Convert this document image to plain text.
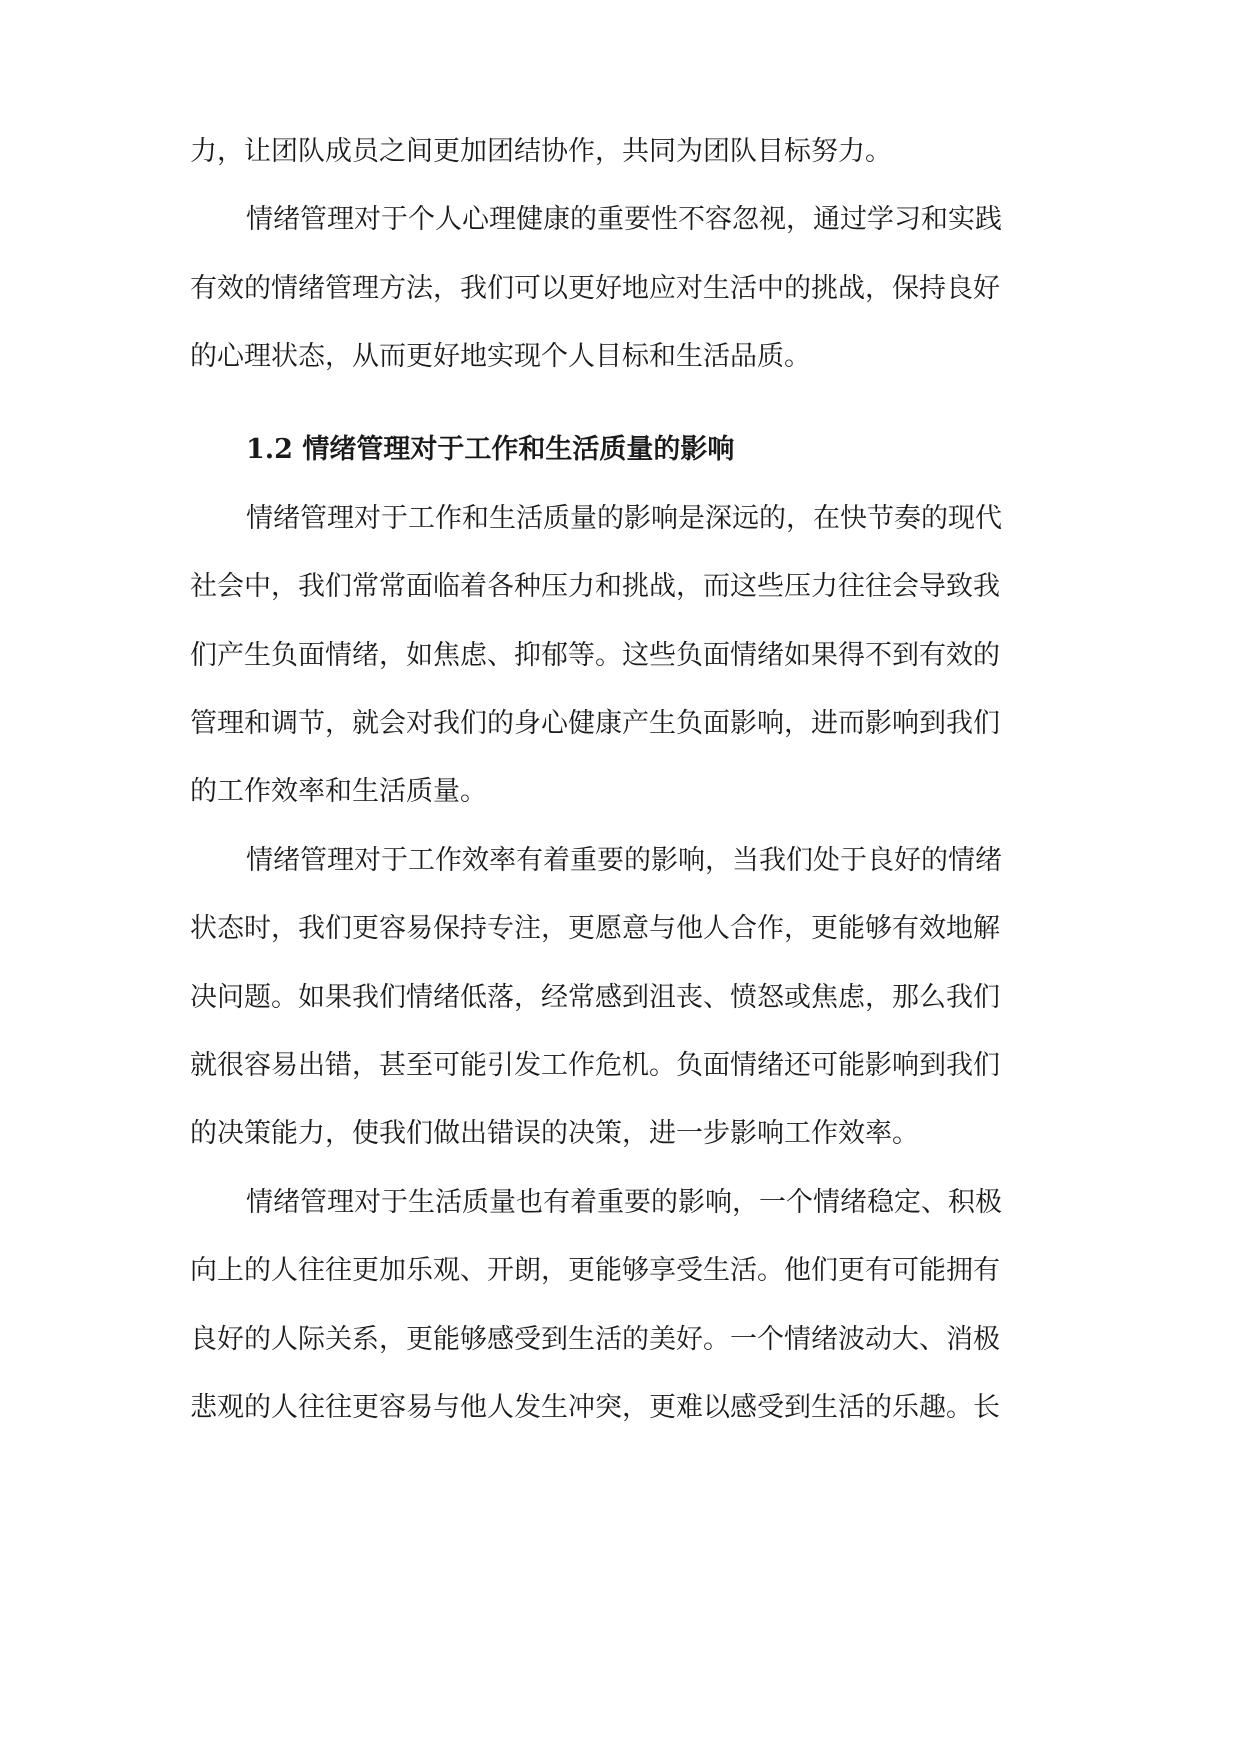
力，让团队成员之间更加团结协作，共同为团队目标努力。
情绪管理对于个人心理健康的重要性不容忽视，通过学习和实践
有效的情绪管理方法，我们可以更好地应对生活中的挑战，保持良好
的心理状态，从而更好地实现个人目标和生活品质。
1.2 情绪管理对于工作和生活质量的影响
情绪管理对于工作和生活质量的影响是深远的，在快节奏的现代
社会中，我们常常面临着各种压力和挑战，而这些压力往往会导致我
们产生负面情绪，如焦虑、抑郁等。这些负面情绪如果得不到有效的
管理和调节，就会对我们的身心健康产生负面影响，进而影响到我们
的工作效率和生活质量。
情绪管理对于工作效率有着重要的影响，当我们处于良好的情绪
状态时，我们更容易保持专注，更愿意与他人合作，更能够有效地解
决问题。如果我们情绪低落，经常感到沮丧、愤怒或焦虑，那么我们
就很容易出错，甚至可能引发工作危机。负面情绪还可能影响到我们
的决策能力，使我们做出错误的决策，进一步影响工作效率。
情绪管理对于生活质量也有着重要的影响，一个情绪稳定、积极
向上的人往往更加乐观、开朗，更能够享受生活。他们更有可能拥有
良好的人际关系，更能够感受到生活的美好。一个情绪波动大、消极
悲观的人往往更容易与他人发生冲突，更难以感受到生活的乐趣。长
